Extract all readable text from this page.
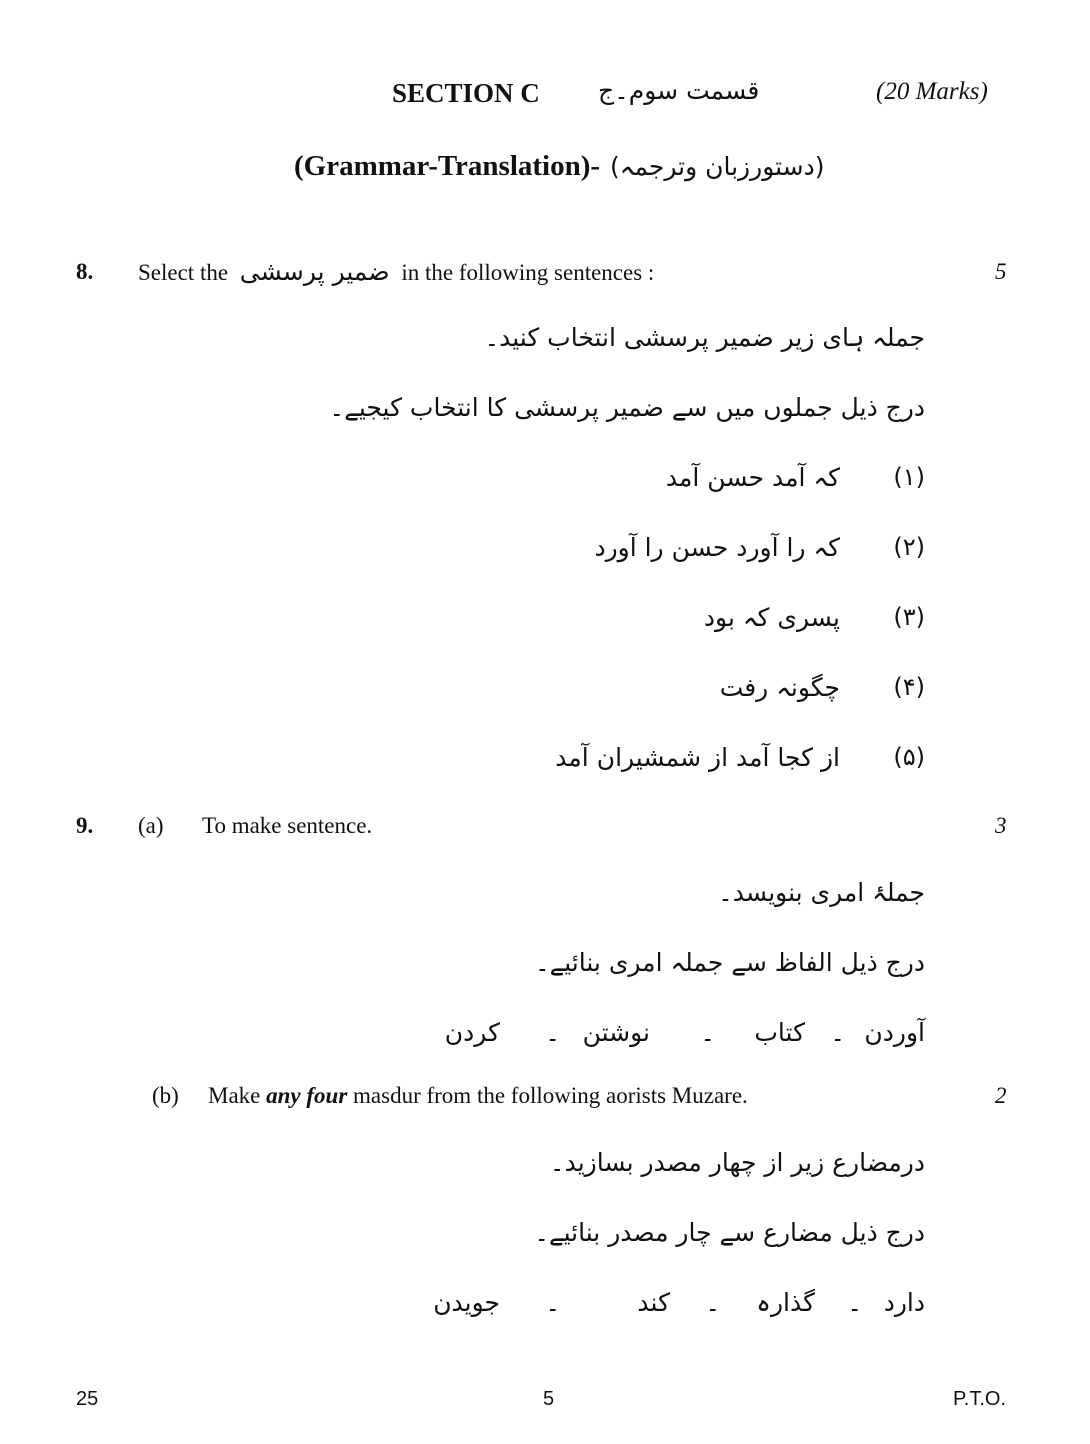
SECTION C قسمت سوم۔ج	(20 Marks)
(Grammar-Translation)- (دستورزبان وترجمہ)
8. Select the ضمیر پرسشی in the following sentences :	5
جملہ ہای زیر ضمیر پرسشی انتخاب کنید۔
درج ذیل جملوں میں سے ضمیر پرسشی کا انتخاب کیجیے۔
(۱)
کہ آمد حسن آمد
(۲)
کہ را آورد حسن را آورد
(۳)
پسری کہ بود
(۴)
چگونہ رفت
(۵)
از کجا آمد از شمشیران آمد
9. (a) To make sentence.	3
جملۂ امری بنویسد۔
درج ذیل الفاظ سے جملہ امری بنائیے۔
آوردن
۔
کتاب
۔
نوشتن
۔
کردن
(b) Make any four masdur from the following aorists Muzare.	2
درمضارع زیر از چھار مصدر بسازید۔
درج ذیل مضارع سے چار مصدر بنائیے۔
دارد
۔
گذارہ
۔
کند
۔
جویدن
25	5	P.T.O.
